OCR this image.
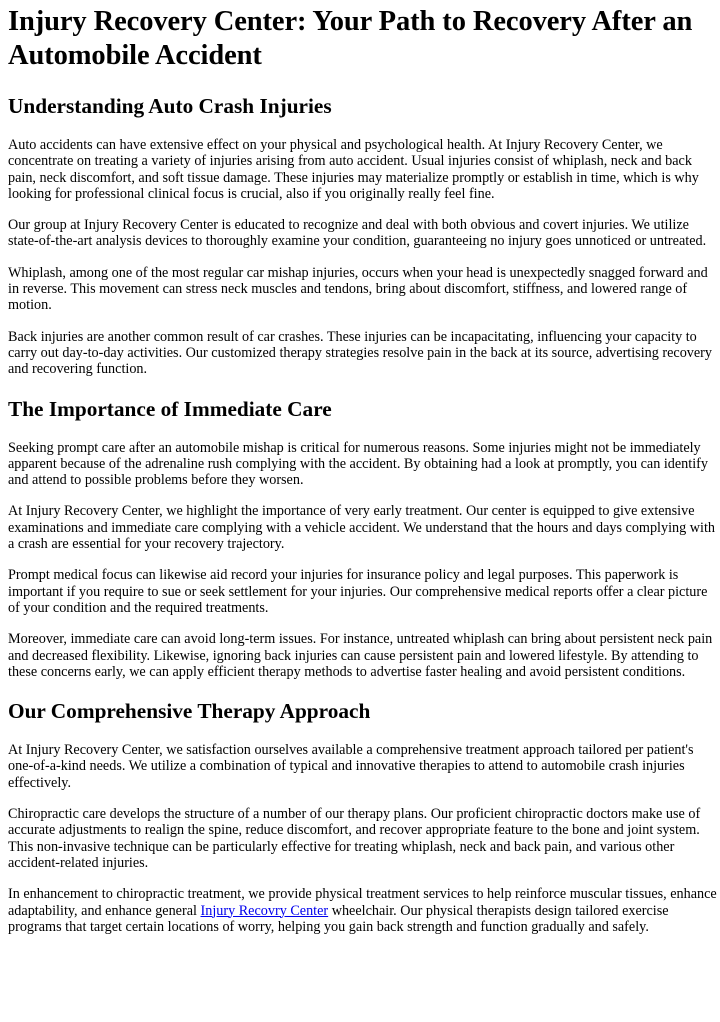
Injury Recovery Center: Your Path to Recovery After an Automobile Accident
Understanding Auto Crash Injuries

Auto accidents can have extensive effect on your physical and psychological health. At Injury Recovery Center, we concentrate on treating a variety of injuries arising from auto accident. Usual injuries consist of whiplash, neck and back pain, neck discomfort, and soft tissue damage. These injuries may materialize promptly or establish in time, which is why looking for professional clinical focus is crucial, also if you originally really feel fine.

Our group at Injury Recovery Center is educated to recognize and deal with both obvious and covert injuries. We utilize state-of-the-art analysis devices to thoroughly examine your condition, guaranteeing no injury goes unnoticed or untreated.

Whiplash, among one of the most regular car mishap injuries, occurs when your head is unexpectedly snagged forward and in reverse. This movement can stress neck muscles and tendons, bring about discomfort, stiffness, and lowered range of motion.

Back injuries are another common result of car crashes. These injuries can be incapacitating, influencing your capacity to carry out day-to-day activities. Our customized therapy strategies resolve pain in the back at its source, advertising recovery and recovering function.

The Importance of Immediate Care

Seeking prompt care after an automobile mishap is critical for numerous reasons. Some injuries might not be immediately apparent because of the adrenaline rush complying with the accident. By obtaining had a look at promptly, you can identify and attend to possible problems before they worsen.

At Injury Recovery Center, we highlight the importance of very early treatment. Our center is equipped to give extensive examinations and immediate care complying with a vehicle accident. We understand that the hours and days complying with a crash are essential for your recovery trajectory.

Prompt medical focus can likewise aid record your injuries for insurance policy and legal purposes. This paperwork is important if you require to sue or seek settlement for your injuries. Our comprehensive medical reports offer a clear picture of your condition and the required treatments.

Moreover, immediate care can avoid long-term issues. For instance, untreated whiplash can bring about persistent neck pain and decreased flexibility. Likewise, ignoring back injuries can cause persistent pain and lowered lifestyle. By attending to these concerns early, we can apply efficient therapy methods to advertise faster healing and avoid persistent conditions.

Our Comprehensive Therapy Approach

At Injury Recovery Center, we satisfaction ourselves available a comprehensive treatment approach tailored per patient's one-of-a-kind needs. We utilize a combination of typical and innovative therapies to attend to automobile crash injuries effectively.

Chiropractic care develops the structure of a number of our therapy plans. Our proficient chiropractic doctors make use of accurate adjustments to realign the spine, reduce discomfort, and recover appropriate feature to the bone and joint system. This non-invasive technique can be particularly effective for treating whiplash, neck and back pain, and various other accident-related injuries.

In enhancement to chiropractic treatment, we provide physical treatment services to help reinforce muscular tissues, enhance adaptability, and enhance general Injury Recovry Center wheelchair. Our physical therapists design tailored exercise programs that target certain locations of worry, helping you gain back strength and function gradually and safely.
